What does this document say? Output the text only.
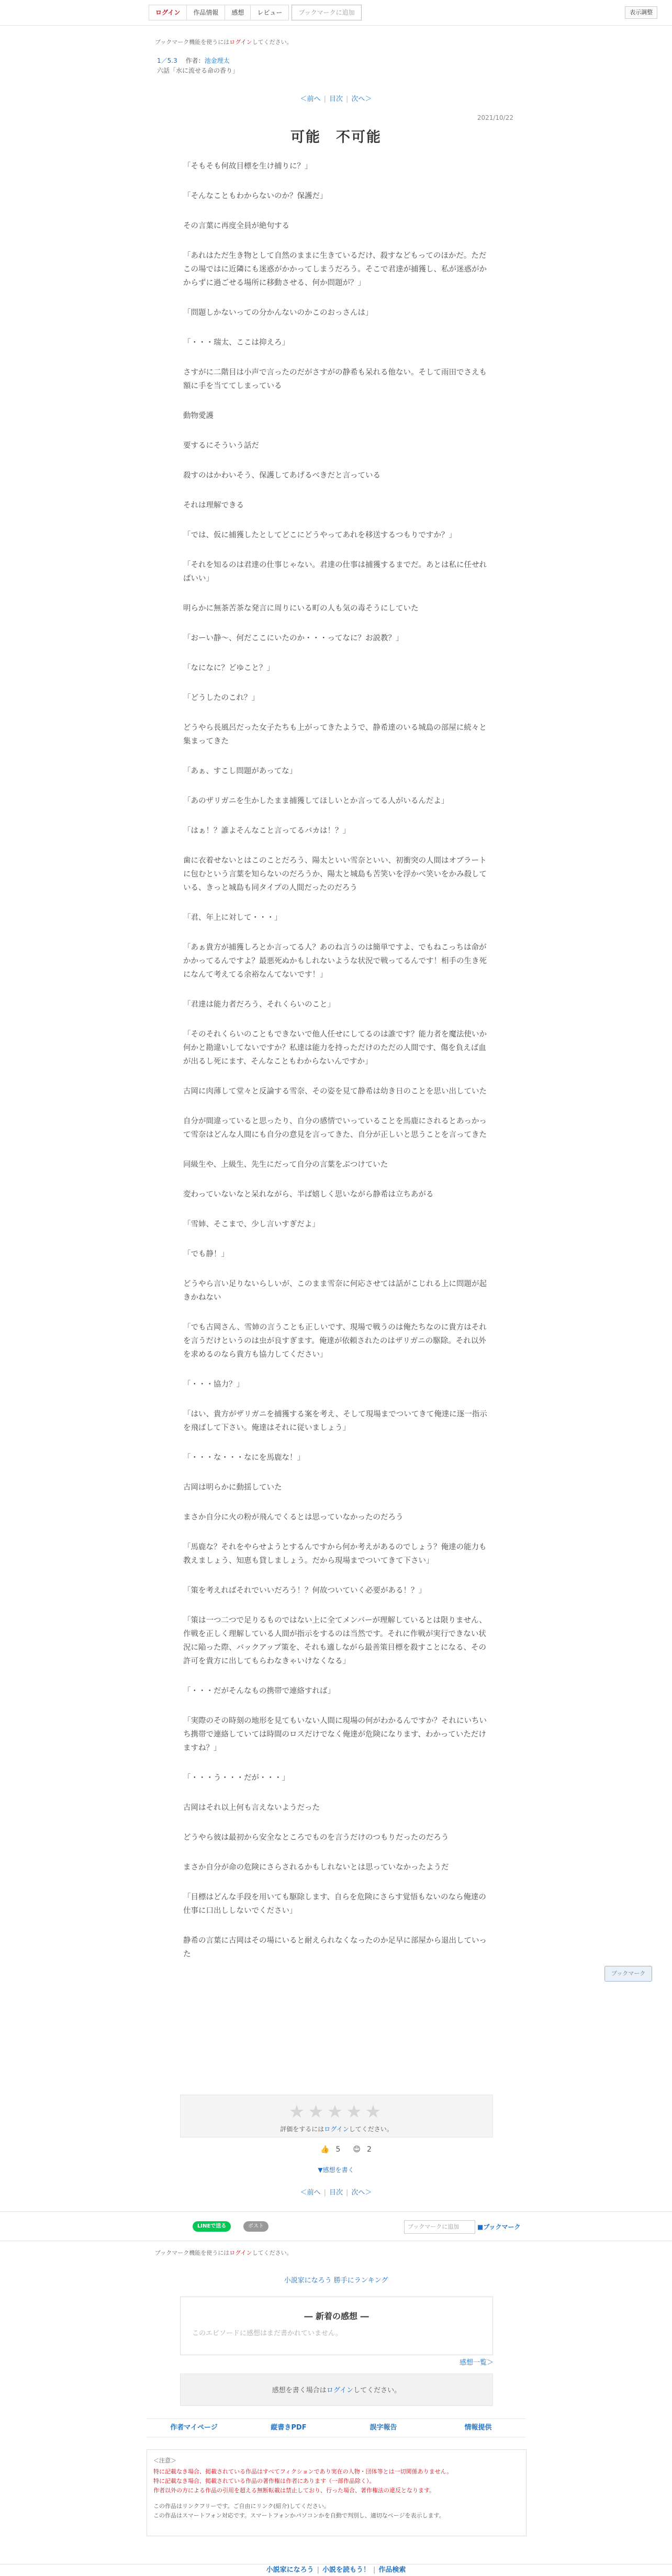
ログイン	作品情報	感想	レビュー	ブックマークに追加	表示調整
ブックマーク機能を使うにはログインしてください。
1／5.3 　 作者：池金理太
六話「水に流せる命の香り」
＜前へ | 目次 | 次へ＞
2021/10/22
可能　不可能

「そもそも何故目標を生け捕りに？」

「そんなこともわからないのか？保護だ」

その言葉に再度全員が絶句する

「あれはただ生き物として自然のままに生きているだけ、殺すなどもってのほかだ。ただこの場ではに近隣にも迷惑がかかってしまうだろう。そこで君達が捕獲し、私が迷惑がかからずに過ごせる場所に移動させる、何か問題が？」

「問題しかないっての分かんないのかこのおっさんは」

「・・・瑞太、ここは抑えろ」

さすがに二階目は小声で言ったのだがさすがの静希も呆れる他ない。そして雨田でさえも額に手を当ててしまっている

動物愛護

要するにそういう話だ

殺すのはかわいそう、保護してあげるべきだと言っている

それは理解できる

「では、仮に捕獲したとしてどこにどうやってあれを移送するつもりですか？」

「それを知るのは君達の仕事じゃない。君達の仕事は捕獲するまでだ。あとは私に任せればいい」

明らかに無茶苦茶な発言に周りにいる町の人も気の毒そうにしていた

「おーい静〜、何だここにいたのか・・・ってなに？お説教？」

「なになに？どゆこと？」

「どうしたのこれ？」

どうやら長風呂だった女子たちも上がってきたようで、静希達のいる城島の部屋に続々と集まってきた

「あぁ、すこし問題があってな」

「あのザリガニを生かしたまま捕獲してほしいとか言ってる人がいるんだよ」

「はぁ！？誰よそんなこと言ってるバカは！？」

歯に衣着せないとはこのことだろう、陽太といい雪奈といい、初衝突の人間はオブラートに包むという言葉を知らないのだろうか、陽太と城島も苦笑いを浮かべ笑いをかみ殺している、きっと城島も同タイプの人間だったのだろう

「君、年上に対して・・・」

「あぁ貴方が捕獲しろとか言ってる人？あのね言うのは簡単ですよ、でもねこっちは命がかかってるんですよ？最悪死ぬかもしれないような状況で戦ってるんです！相手の生き死になんて考えてる余裕なんてないです！」

「君達は能力者だろう、それくらいのこと」

「そのそれくらいのこともできないで他人任せにしてるのは誰です？能力者を魔法使いか何かと勘違いしてないですか？私達は能力を持っただけのただの人間です、傷を負えば血が出るし死にます、そんなこともわからないんですか」

古岡に肉薄して堂々と反論する雪奈、その姿を見て静希は幼き日のことを思い出していた

自分が間違っていると思ったり、自分の感情でいっていることを馬鹿にされるとあっかって雪奈はどんな人間にも自分の意見を言ってきた、自分が正しいと思うことを言ってきた

同級生や、上級生、先生にだって自分の言葉をぶつけていた

変わっていないなと呆れながら、半ば嬉しく思いながら静希は立ちあがる

「雪姉、そこまで、少し言いすぎだよ」

「でも静！」

どうやら言い足りないらしいが、このまま雪奈に何応させては話がこじれる上に問題が起きかねない

「でも古岡さん、雪姉の言うことも正しいです、現場で戦うのは俺たちなのに貴方はそれを言うだけというのは虫が良すぎます。俺達が依頼されたのはザリガニの駆除。それ以外を求めるのなら貴方も協力してください」

「・・・協力？」

「はい、貴方がザリガニを捕獲する案を考え、そして現場までついてきて俺達に逐一指示を飛ばして下さい。俺達はそれに従いましょう」

「・・・な・・・なにを馬鹿な！」

古岡は明らかに動揺していた

まさか自分に火の粉が飛んでくるとは思っていなかったのだろう

「馬鹿な？それをやらせようとするんですから何か考えがあるのでしょう？俺達の能力も教えましょう、知恵も貸しましょう。だから現場までついてきて下さい」

「策を考えればそれでいいだろう！？何故ついていく必要がある！？」

「策は一つ二つで足りるものではない上に全てメンバーが理解しているとは限りません、作戦を正しく理解している人間が指示をするのは当然です。それに作戦が実行できない状況に陥った際、バックアップ策を、それも適しながら最善策目標を殺すことになる、その許可を貴方に出してもらわなきゃいけなくなる」

「・・・だがそんなもの携帯で連絡すれば」

「実際のその時刻の地形を見てもいない人間に現場の何がわかるんですか？それにいちいち携帯で連絡していては時間のロスだけでなく俺達が危険になります、わかっていただけますね？」

「・・・う・・・だが・・・」

古岡はそれ以上何も言えないようだった

どうやら彼は最初から安全なところでものを言うだけのつもりだったのだろう

まさか自分が命の危険にさらされるかもしれないとは思っていなかったようだ

「目標はどんな手段を用いても駆除します、自らを危険にさらす覚悟もないのなら俺達の仕事に口出ししないでください」

静希の言葉に古岡はその場にいると耐えられなくなったのか足早に部屋から退出していった

ブックマーク
★★★★★
評価をするにはログインしてください。
👍 5	😊 2
▼感想を書く
＜前へ | 目次 | 次へ＞
LINEで送る	ポスト	ブックマークに追加	■ブックマーク
ブックマーク機能を使うにはログインしてください。
小説家になろう 勝手にランキング
― 新着の感想 ―
このエピソードに感想はまだ書かれていません。
感想一覧＞
感想を書く場合はログインしてください。
作者マイページ	縦書きPDF	誤字報告	情報提供
＜注意＞
特に記載なき場合、掲載されている作品はすべてフィクションであり実在の人物・団体等とは一切関係ありません。
特に記載なき場合、掲載されている作品の著作権は作者にあります（一部作品除く）。
作者以外の方による作品の引用を超える無断転載は禁止しており、行った場合、著作権法の違反となります。
この作品はリンクフリーです。ご自由にリンク(紹介)してください。
この作品はスマートフォン対応です。スマートフォンかパソコンかを自動で判別し、適切なページを表示します。
小説家になろう | 小説を読もう！ | 作品検索
